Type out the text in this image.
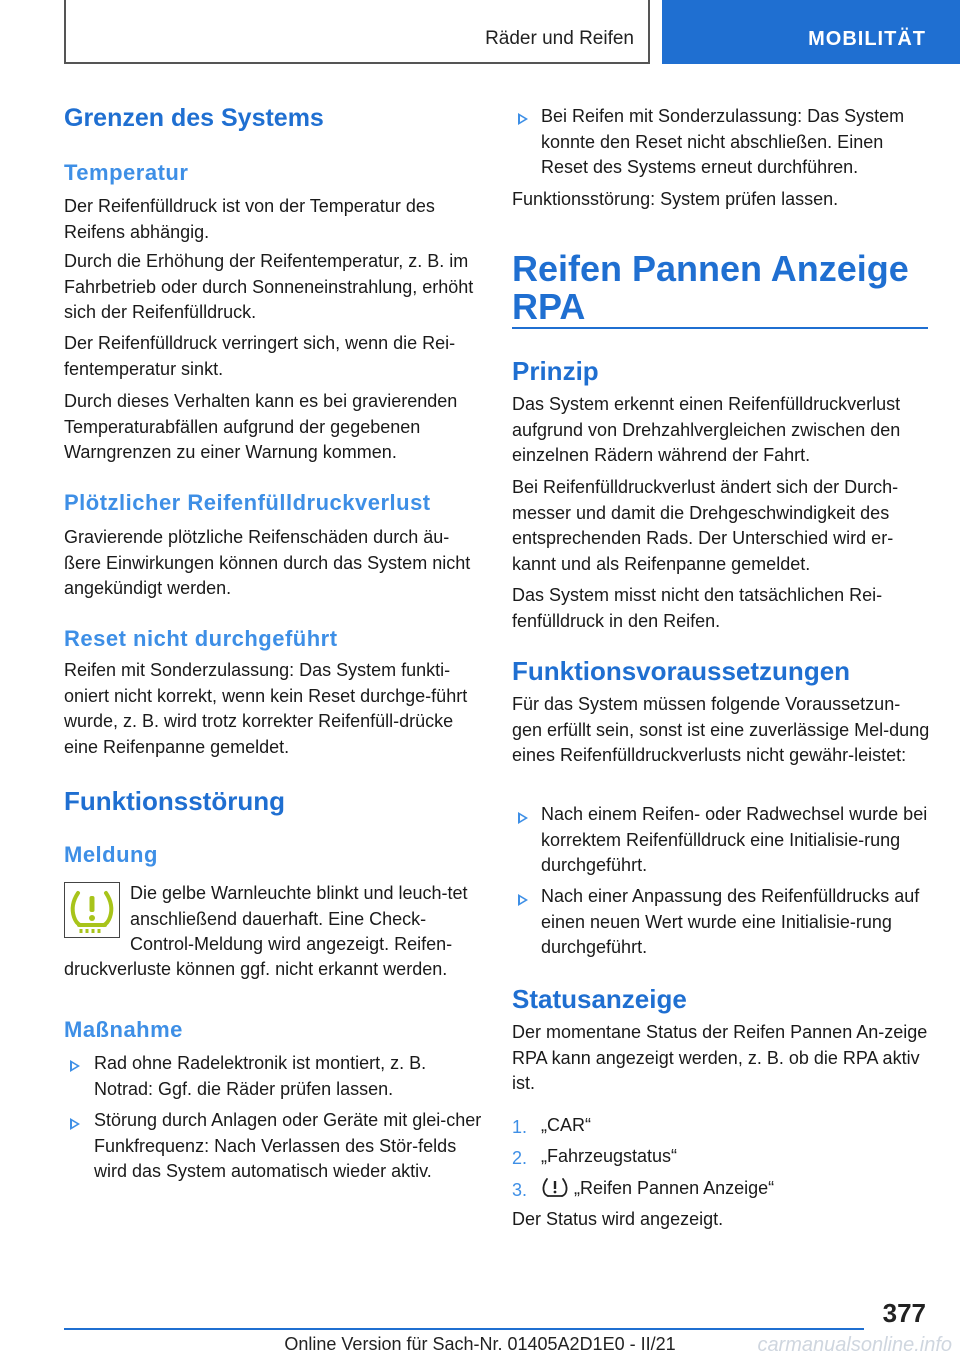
Räder und Reifen	MOBILITÄT
Grenzen des Systems
Temperatur
Der Reifenfülldruck ist von der Temperatur des Reifens abhängig.
Durch die Erhöhung der Reifentemperatur, z. B. im Fahrbetrieb oder durch Sonneneinstrahlung, erhöht sich der Reifenfülldruck.
Der Reifenfülldruck verringert sich, wenn die Rei-fentemperatur sinkt.
Durch dieses Verhalten kann es bei gravierenden Temperaturabfällen aufgrund der gegebenen Warngrenzen zu einer Warnung kommen.
Plötzlicher Reifenfülldruckverlust
Gravierende plötzliche Reifenschäden durch äu-ßere Einwirkungen können durch das System nicht angekündigt werden.
Reset nicht durchgeführt
Reifen mit Sonderzulassung: Das System funkti-oniert nicht korrekt, wenn kein Reset durchge-führt wurde, z. B. wird trotz korrekter Reifenfüll-drücke eine Reifenpanne gemeldet.
Funktionsstörung
Meldung
Die gelbe Warnleuchte blinkt und leuch-tet anschließend dauerhaft. Eine Check-Control-Meldung wird angezeigt. Reifen-
druckverluste können ggf. nicht erkannt werden.
Maßnahme
Rad ohne Radelektronik ist montiert, z. B. Notrad: Ggf. die Räder prüfen lassen.
Störung durch Anlagen oder Geräte mit glei-cher Funkfrequenz: Nach Verlassen des Stör-felds wird das System automatisch wieder aktiv.
Bei Reifen mit Sonderzulassung: Das System konnte den Reset nicht abschließen. Einen Reset des Systems erneut durchführen.
Funktionsstörung: System prüfen lassen.
Reifen Pannen Anzeige RPA
Prinzip
Das System erkennt einen Reifenfülldruckverlust aufgrund von Drehzahlvergleichen zwischen den einzelnen Rädern während der Fahrt.
Bei Reifenfülldruckverlust ändert sich der Durch-messer und damit die Drehgeschwindigkeit des entsprechenden Rads. Der Unterschied wird er-kannt und als Reifenpanne gemeldet.
Das System misst nicht den tatsächlichen Rei-fenfülldruck in den Reifen.
Funktionsvoraussetzungen
Für das System müssen folgende Voraussetzun-gen erfüllt sein, sonst ist eine zuverlässige Mel-dung eines Reifenfülldruckverlusts nicht gewähr-leistet:
Nach einem Reifen- oder Radwechsel wurde bei korrektem Reifenfülldruck eine Initialisie-rung durchgeführt.
Nach einer Anpassung des Reifenfülldrucks auf einen neuen Wert wurde eine Initialisie-rung durchgeführt.
Statusanzeige
Der momentane Status der Reifen Pannen An-zeige RPA kann angezeigt werden, z. B. ob die RPA aktiv ist.
1. „CAR“
2. „Fahrzeugstatus“
3.	„Reifen Pannen Anzeige“
Der Status wird angezeigt.
377
Online Version für Sach-Nr. 01405A2D1E0 - II/21	carmanualsonline.info
